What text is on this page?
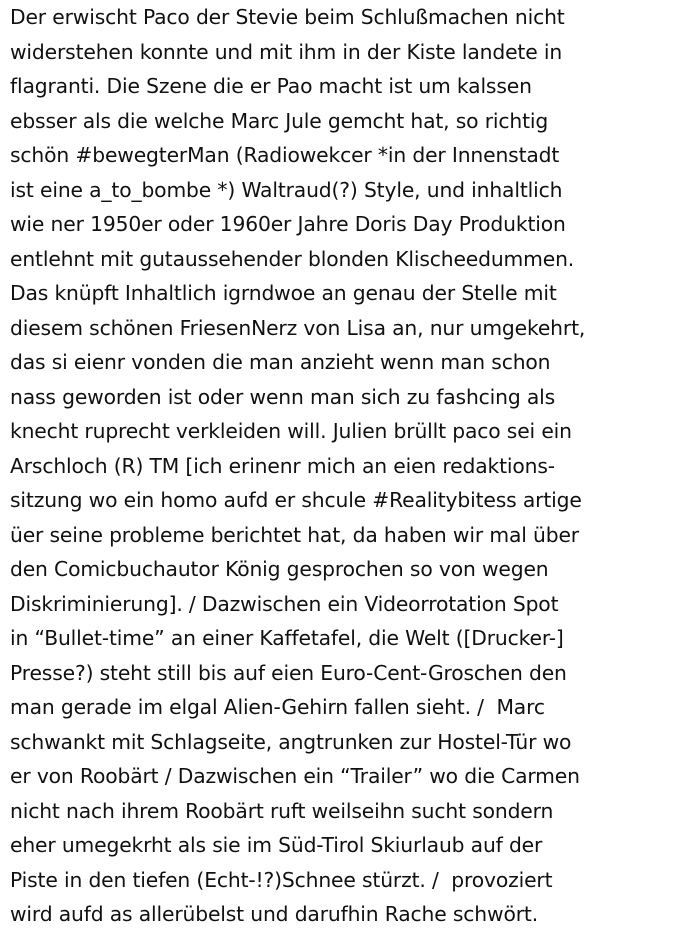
Der erwischt Paco der Stevie beim Schlußmachen nicht
widerstehen konnte und mit ihm in der Kiste landete in
flagranti. Die Szene die er Pao macht ist um kalssen
ebsser als die welche Marc Jule gemcht hat, so richtig
schön #bewegterMan (Radiowekcer *in der Innenstadt
ist eine a_to_bombe *) Waltraud(?) Style, und inhaltlich
wie ner 1950er oder 1960er Jahre Doris Day Produktion
entlehnt mit gutaussehender blonden Klischeedummen.
Das knüpft Inhaltlich igrndwoe an genau der Stelle mit
diesem schönen FriesenNerz von Lisa an, nur umgekehrt,
das si eienr vonden die man anzieht wenn man schon
nass geworden ist oder wenn man sich zu fashcing als
knecht ruprecht verkleiden will. Julien brüllt paco sei ein
Arschloch (R) TM [ich erinenr mich an eien redaktions-
sitzung wo ein homo aufd er shcule #Realitybitess artige
üer seine probleme berichtet hat, da haben wir mal über
den Comicbuchautor König gesprochen so von wegen
Diskriminierung]. / Dazwischen ein Videorrotation Spot
in “Bullet-time” an einer Kaffetafel, die Welt ([Drucker-]
Presse?) steht still bis auf eien Euro-Cent-Groschen den
man gerade im elgal Alien-Gehirn fallen sieht. /  Marc
schwankt mit Schlagseite, angtrunken zur Hostel-Tür wo
er von Roobärt / Dazwischen ein “Trailer” wo die Carmen
nicht nach ihrem Roobärt ruft weilseihn sucht sondern
eher umegekrht als sie im Süd-Tirol Skiurlaub auf der
Piste in den tiefen (Echt-!?)Schnee stürzt. /  provoziert
wird aufd as allerübelst und darufhin Rache schwört.
